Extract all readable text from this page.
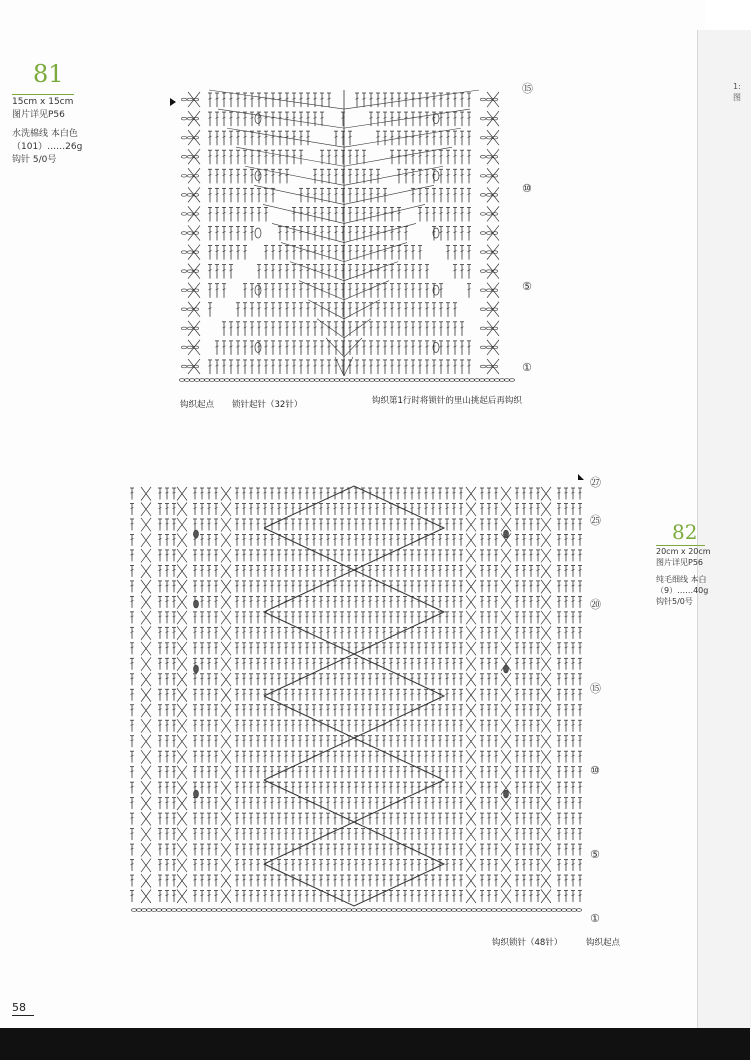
1:
图
81
15cm x 15cm
图片详见P56
水洗棉线 本白色
（101）……26g
钩针 5/0号
⑮
⑩
⑤
①
钩织起点 锁针起针（32针）	钩织第1行时将锁针的里山挑起后再钩织
㉗
㉕
⑳
⑮
⑩
⑤
①
钩织锁针（48针）	钩织起点
82
20cm x 20cm
图片详见P56
纯毛细线 本白
（9）……40g
钩针5/0号
58
